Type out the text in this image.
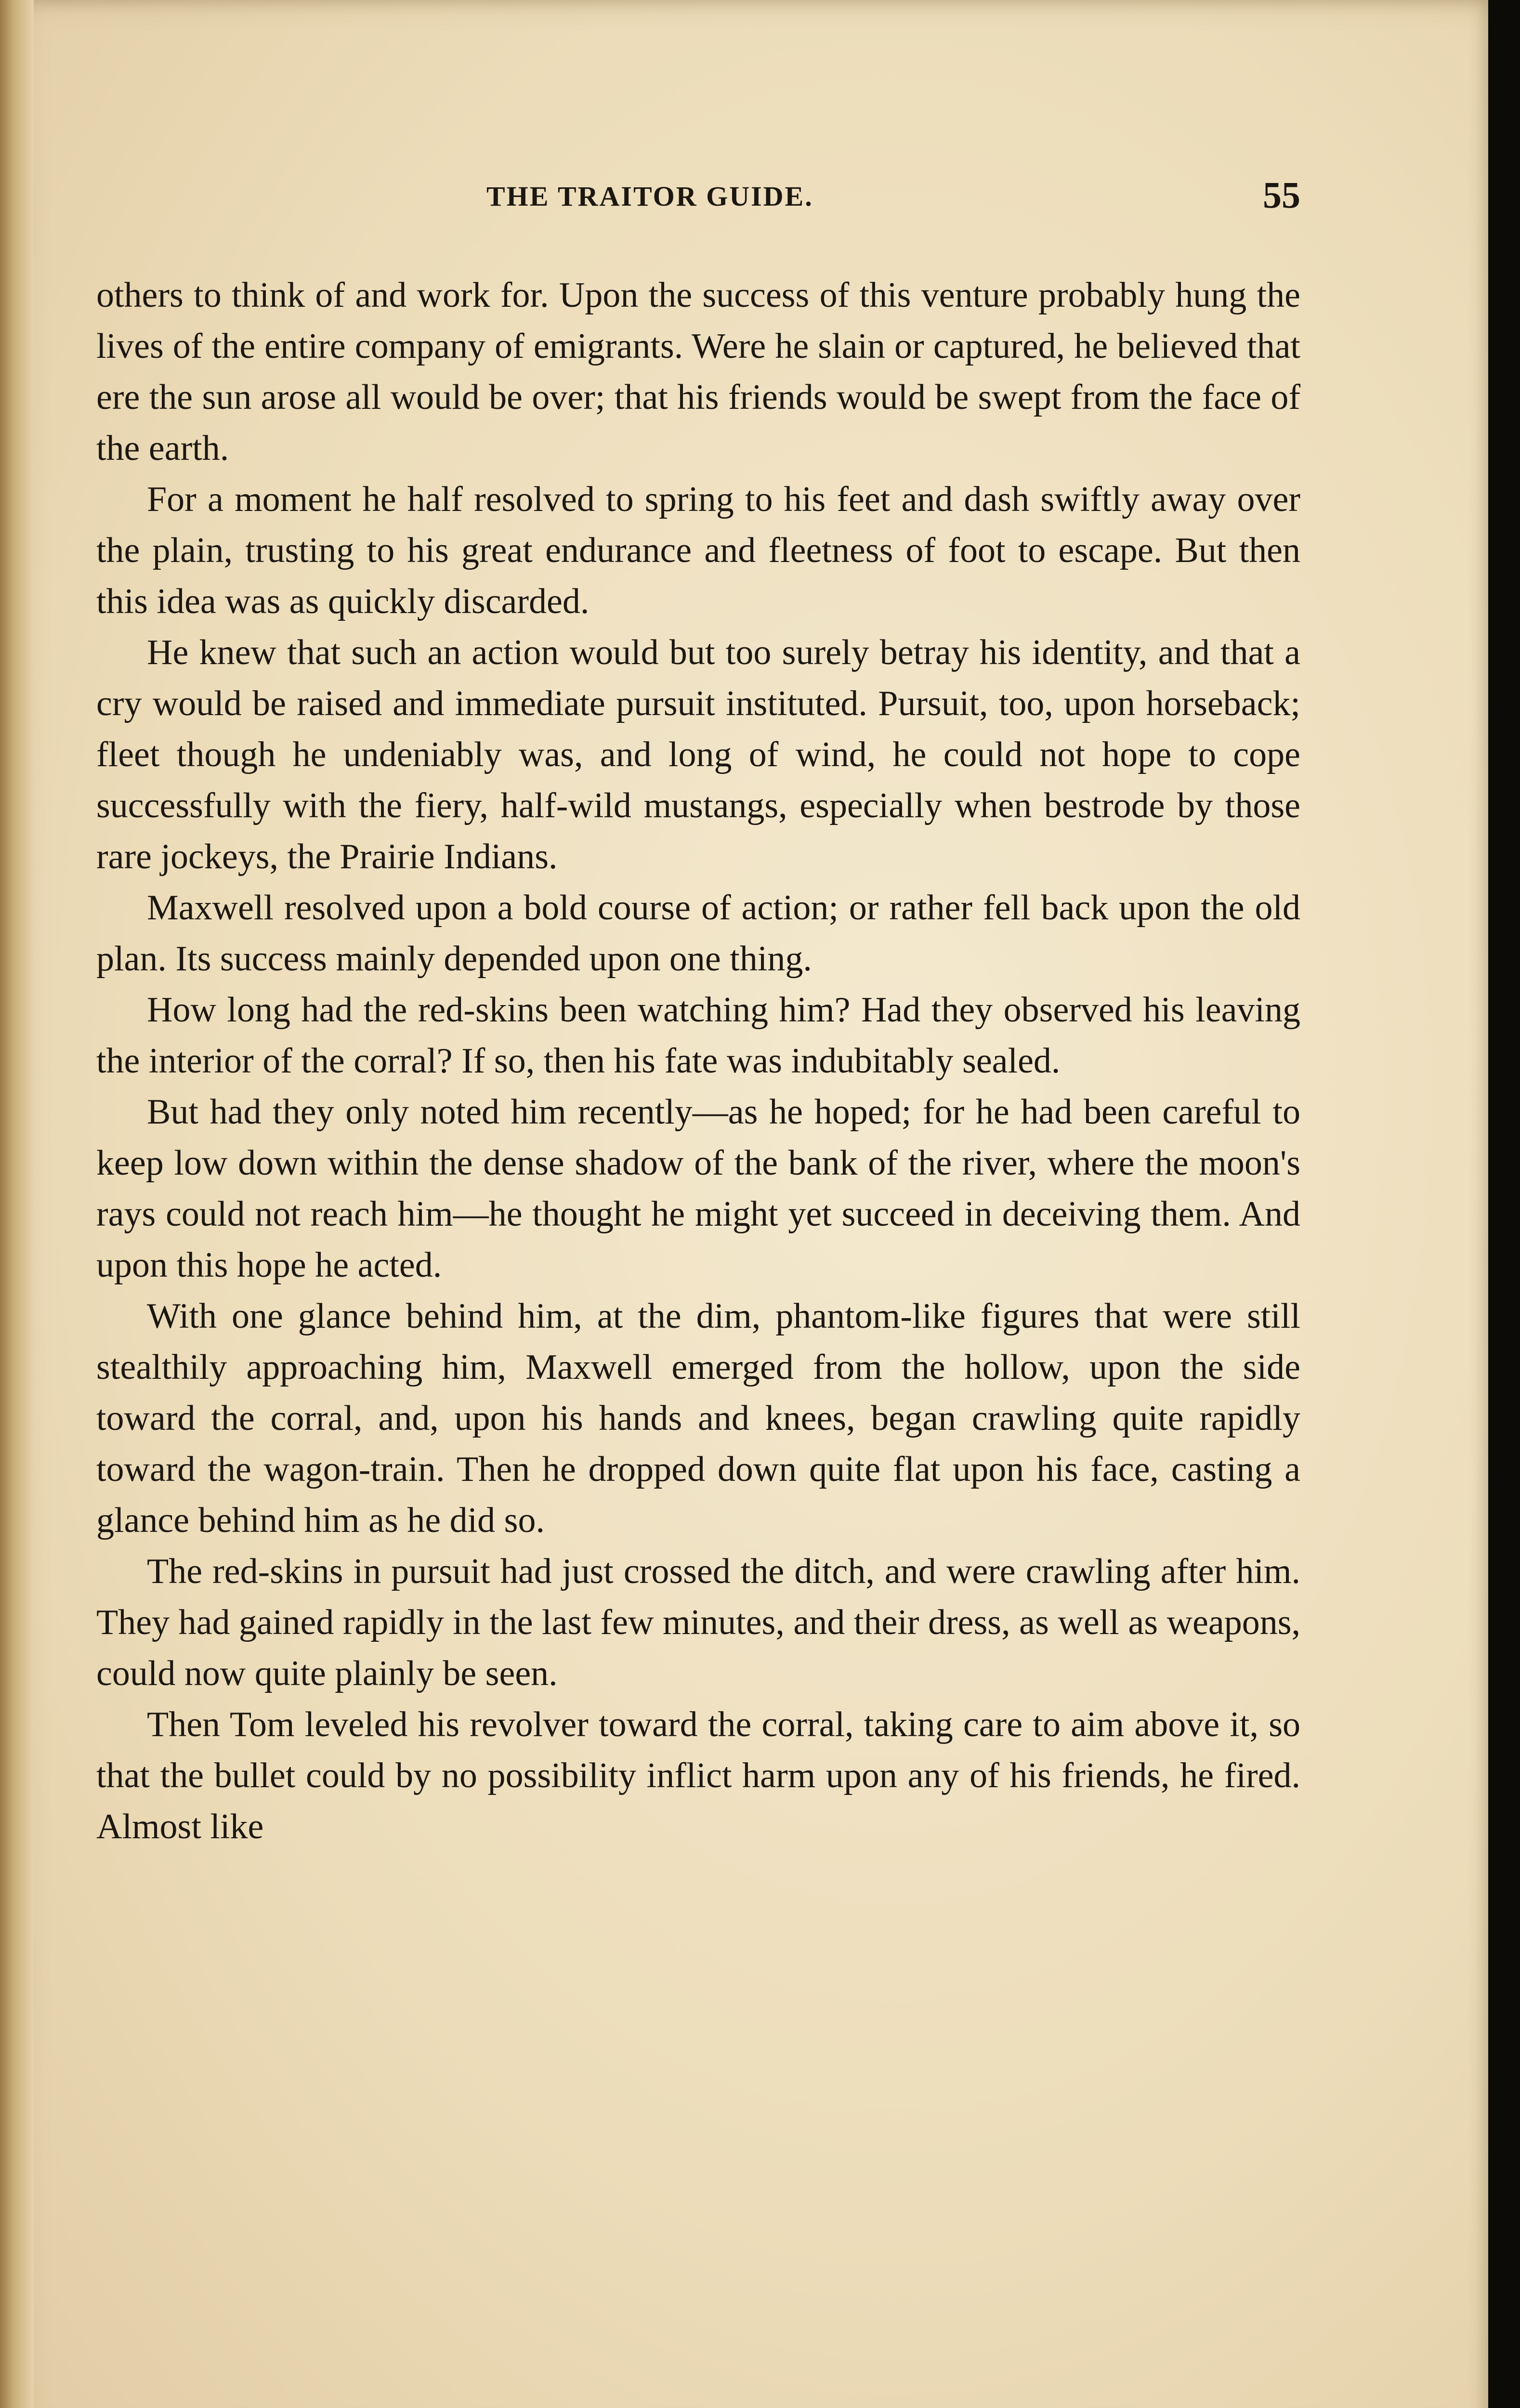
THE TRAITOR GUIDE.	55

others to think of and work for. Upon the success of this venture probably hung the lives of the entire company of emigrants. Were he slain or captured, he believed that ere the sun arose all would be over; that his friends would be swept from the face of the earth.

For a moment he half resolved to spring to his feet and dash swiftly away over the plain, trusting to his great endurance and fleetness of foot to escape. But then this idea was as quickly discarded.

He knew that such an action would but too surely betray his identity, and that a cry would be raised and immediate pursuit instituted. Pursuit, too, upon horseback; fleet though he undeniably was, and long of wind, he could not hope to cope successfully with the fiery, half-wild mustangs, especially when bestrode by those rare jockeys, the Prairie Indians.

Maxwell resolved upon a bold course of action; or rather fell back upon the old plan. Its success mainly depended upon one thing.

How long had the red-skins been watching him? Had they observed his leaving the interior of the corral? If so, then his fate was indubitably sealed.

But had they only noted him recently—as he hoped; for he had been careful to keep low down within the dense shadow of the bank of the river, where the moon's rays could not reach him—he thought he might yet succeed in deceiving them. And upon this hope he acted.

With one glance behind him, at the dim, phantom-like figures that were still stealthily approaching him, Maxwell emerged from the hollow, upon the side toward the corral, and, upon his hands and knees, began crawling quite rapidly toward the wagon-train. Then he dropped down quite flat upon his face, casting a glance behind him as he did so.

The red-skins in pursuit had just crossed the ditch, and were crawling after him. They had gained rapidly in the last few minutes, and their dress, as well as weapons, could now quite plainly be seen.

Then Tom leveled his revolver toward the corral, taking care to aim above it, so that the bullet could by no possibility inflict harm upon any of his friends, he fired. Almost like
